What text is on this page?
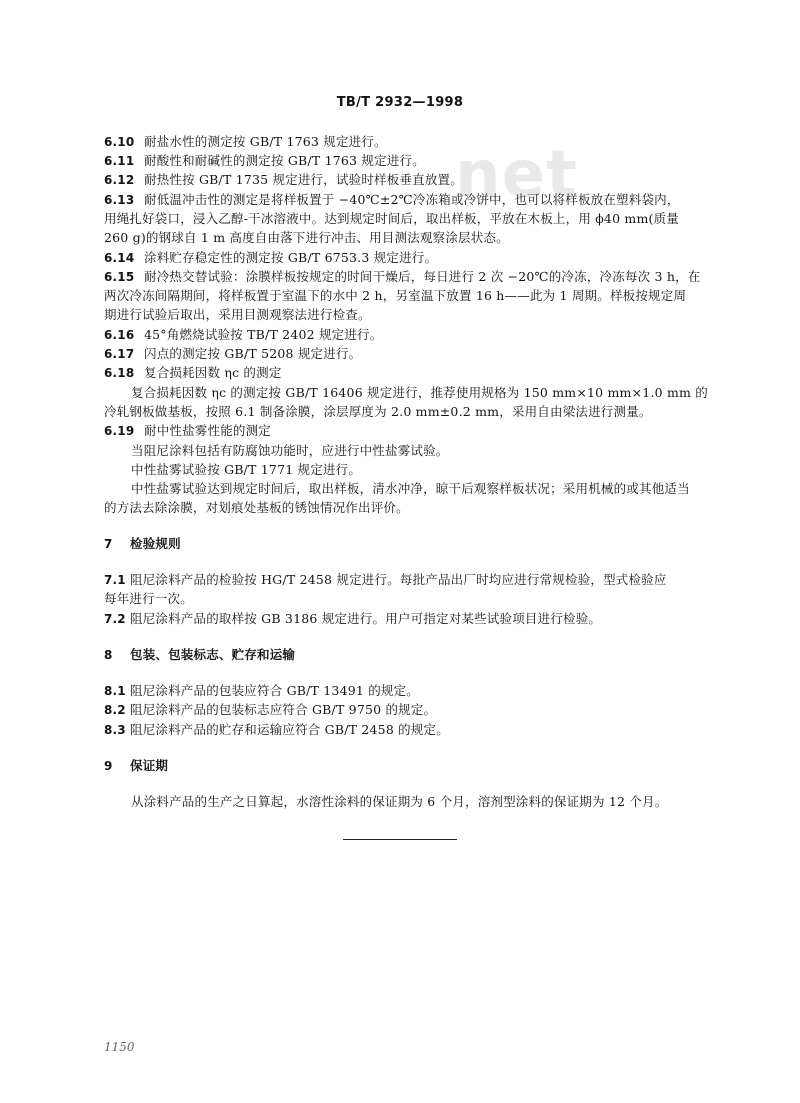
net
TB/T 2932—1998
6.10 耐盐水性的测定按 GB/T 1763 规定进行。
6.11 耐酸性和耐碱性的测定按 GB/T 1763 规定进行。
6.12 耐热性按 GB/T 1735 规定进行，试验时样板垂直放置。
6.13 耐低温冲击性的测定是将样板置于 −40℃±2℃冷冻箱或冷饼中，也可以将样板放在塑料袋内，
用绳扎好袋口，浸入乙醇-干冰溶液中。达到规定时间后，取出样板，平放在木板上，用 ϕ40 mm(质量
260 g)的钢球自 1 m 高度自由落下进行冲击、用目测法观察涂层状态。
6.14 涂料贮存稳定性的测定按 GB/T 6753.3 规定进行。
6.15 耐冷热交替试验：涂膜样板按规定的时间干燥后，每日进行 2 次 −20℃的冷冻，冷冻每次 3 h，在
两次冷冻间隔期间，将样板置于室温下的水中 2 h，另室温下放置 16 h——此为 1 周期。样板按规定周
期进行试验后取出，采用目测观察法进行检查。
6.16 45°角燃烧试验按 TB/T 2402 规定进行。
6.17 闪点的测定按 GB/T 5208 规定进行。
6.18 复合损耗因数 ηc 的测定
复合损耗因数 ηc 的测定按 GB/T 16406 规定进行，推荐使用规格为 150 mm×10 mm×1.0 mm 的
冷轧钢板做基板，按照 6.1 制备涂膜，涂层厚度为 2.0 mm±0.2 mm，采用自由梁法进行测量。
6.19 耐中性盐雾性能的测定
当阻尼涂料包括有防腐蚀功能时，应进行中性盐雾试验。
中性盐雾试验按 GB/T 1771 规定进行。
中性盐雾试验达到规定时间后，取出样板，清水冲净，晾干后观察样板状况；采用机械的或其他适当
的方法去除涂膜，对划痕处基板的锈蚀情况作出评价。
7 检验规则
7.1 阻尼涂料产品的检验按 HG/T 2458 规定进行。每批产品出厂时均应进行常规检验，型式检验应
每年进行一次。
7.2 阻尼涂料产品的取样按 GB 3186 规定进行。用户可指定对某些试验项目进行检验。
8 包装、包装标志、贮存和运输
8.1 阻尼涂料产品的包装应符合 GB/T 13491 的规定。
8.2 阻尼涂料产品的包装标志应符合 GB/T 9750 的规定。
8.3 阻尼涂料产品的贮存和运输应符合 GB/T 2458 的规定。
9 保证期
从涂料产品的生产之日算起，水溶性涂料的保证期为 6 个月，溶剂型涂料的保证期为 12 个月。
1150
